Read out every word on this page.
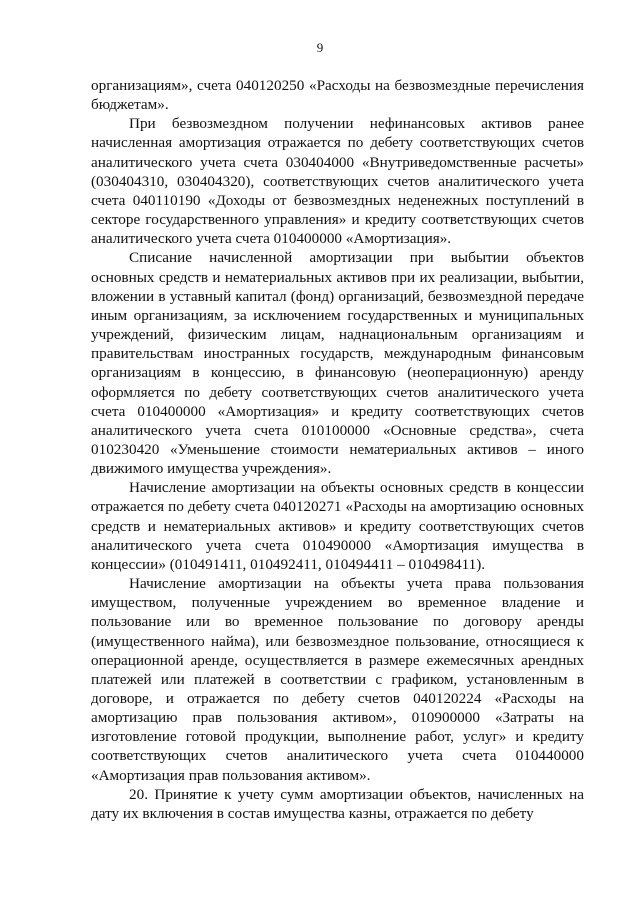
9

организациям», счета 040120250 «Расходы на безвозмездные перечисления бюджетам».

При безвозмездном получении нефинансовых активов ранее начисленная амортизация отражается по дебету соответствующих счетов аналитического учета счета 030404000 «Внутриведомственные расчеты» (030404310, 030404320), соответствующих счетов аналитического учета счета 040110190 «Доходы от безвозмездных неденежных поступлений в секторе государственного управления» и кредиту соответствующих счетов аналитического учета счета 010400000 «Амортизация».

Списание начисленной амортизации при выбытии объектов основных средств и нематериальных активов при их реализации, выбытии, вложении в уставный капитал (фонд) организаций, безвозмездной передаче иным организациям, за исключением государственных и муниципальных учреждений, физическим лицам, наднациональным организациям и правительствам иностранных государств, международным финансовым организациям в концессию, в финансовую (неоперационную) аренду оформляется по дебету соответствующих счетов аналитического учета счета 010400000 «Амортизация» и кредиту соответствующих счетов аналитического учета счета 010100000 «Основные средства», счета 010230420 «Уменьшение стоимости нематериальных активов – иного движимого имущества учреждения».

Начисление амортизации на объекты основных средств в концессии отражается по дебету счета 040120271 «Расходы на амортизацию основных средств и нематериальных активов» и кредиту соответствующих счетов аналитического учета счета 010490000 «Амортизация имущества в концессии» (010491411, 010492411, 010494411 – 010498411).

Начисление амортизации на объекты учета права пользования имуществом, полученные учреждением во временное владение и пользование или во временное пользование по договору аренды (имущественного найма), или безвозмездное пользование, относящиеся к операционной аренде, осуществляется в размере ежемесячных арендных платежей или платежей в соответствии с графиком, установленным в договоре, и отражается по дебету счетов 040120224 «Расходы на амортизацию прав пользования активом», 010900000 «Затраты на изготовление готовой продукции, выполнение работ, услуг» и кредиту соответствующих счетов аналитического учета счета 010440000 «Амортизация прав пользования активом».

20. Принятие к учету сумм амортизации объектов, начисленных на дату их включения в состав имущества казны, отражается по дебету
